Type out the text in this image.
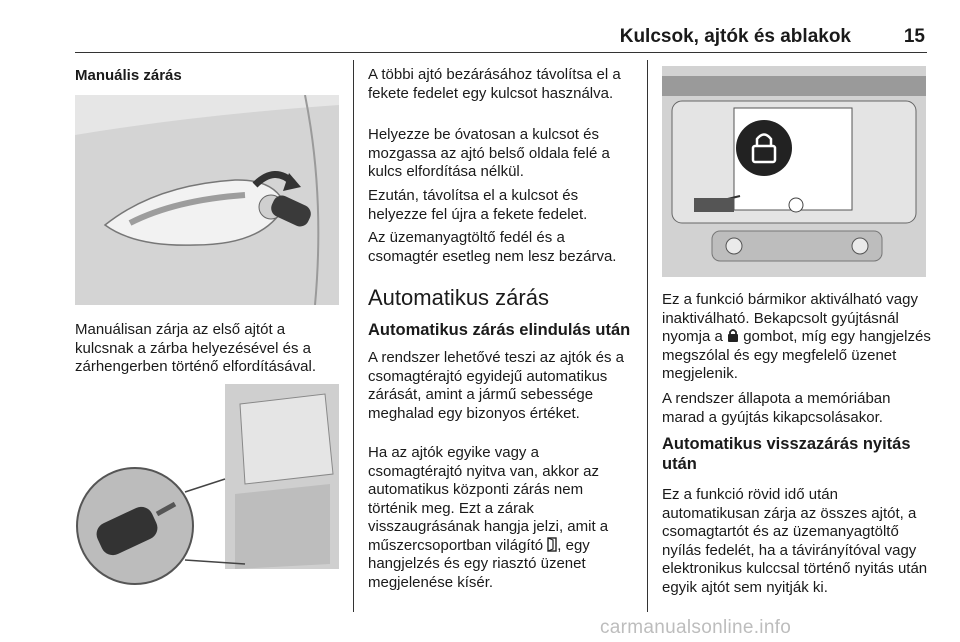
Kulcsok, ajtók és ablakok	15
Manuális zárás

Manuálisan zárja az első ajtót a kulcsnak a zárba helyezésével és a zárhengerben történő elfordításával.

A többi ajtó bezárásához távolítsa el a fekete fedelet egy kulcsot használva.

Helyezze be óvatosan a kulcsot és mozgassa az ajtó belső oldala felé a kulcs elfordítása nélkül.

Ezután, távolítsa el a kulcsot és helyezze fel újra a fekete fedelet.

Az üzemanyagtöltő fedél és a csomagtér esetleg nem lesz bezárva.

Automatikus zárás
Automatikus zárás elindulás után

A rendszer lehetővé teszi az ajtók és a csomagtérajtó egyidejű automatikus zárását, amint a jármű sebessége meghalad egy bizonyos értéket.

Ha az ajtók egyike vagy a csomagtérajtó nyitva van, akkor az automatikus központi zárás nem történik meg. Ezt a zárak visszaugrásának hangja jelzi, amit a műszercsoportban világító , egy hangjelzés és egy riasztó üzenet megjelenése kísér.

Ez a funkció bármikor aktiválható vagy inaktiválható. Bekapcsolt gyújtásnál nyomja a  gombot, míg egy hangjelzés megszólal és egy megfelelő üzenet megjelenik.

A rendszer állapota a memóriában marad a gyújtás kikapcsolásakor.

Automatikus visszazárás nyitás után

Ez a funkció rövid idő után automatikusan zárja az összes ajtót, a csomagtartót és az üzemanyagtöltő nyílás fedelét, ha a távirányítóval vagy elektronikus kulccsal történő nyitás után egyik ajtót sem nyitják ki.

carmanualsonline.info
